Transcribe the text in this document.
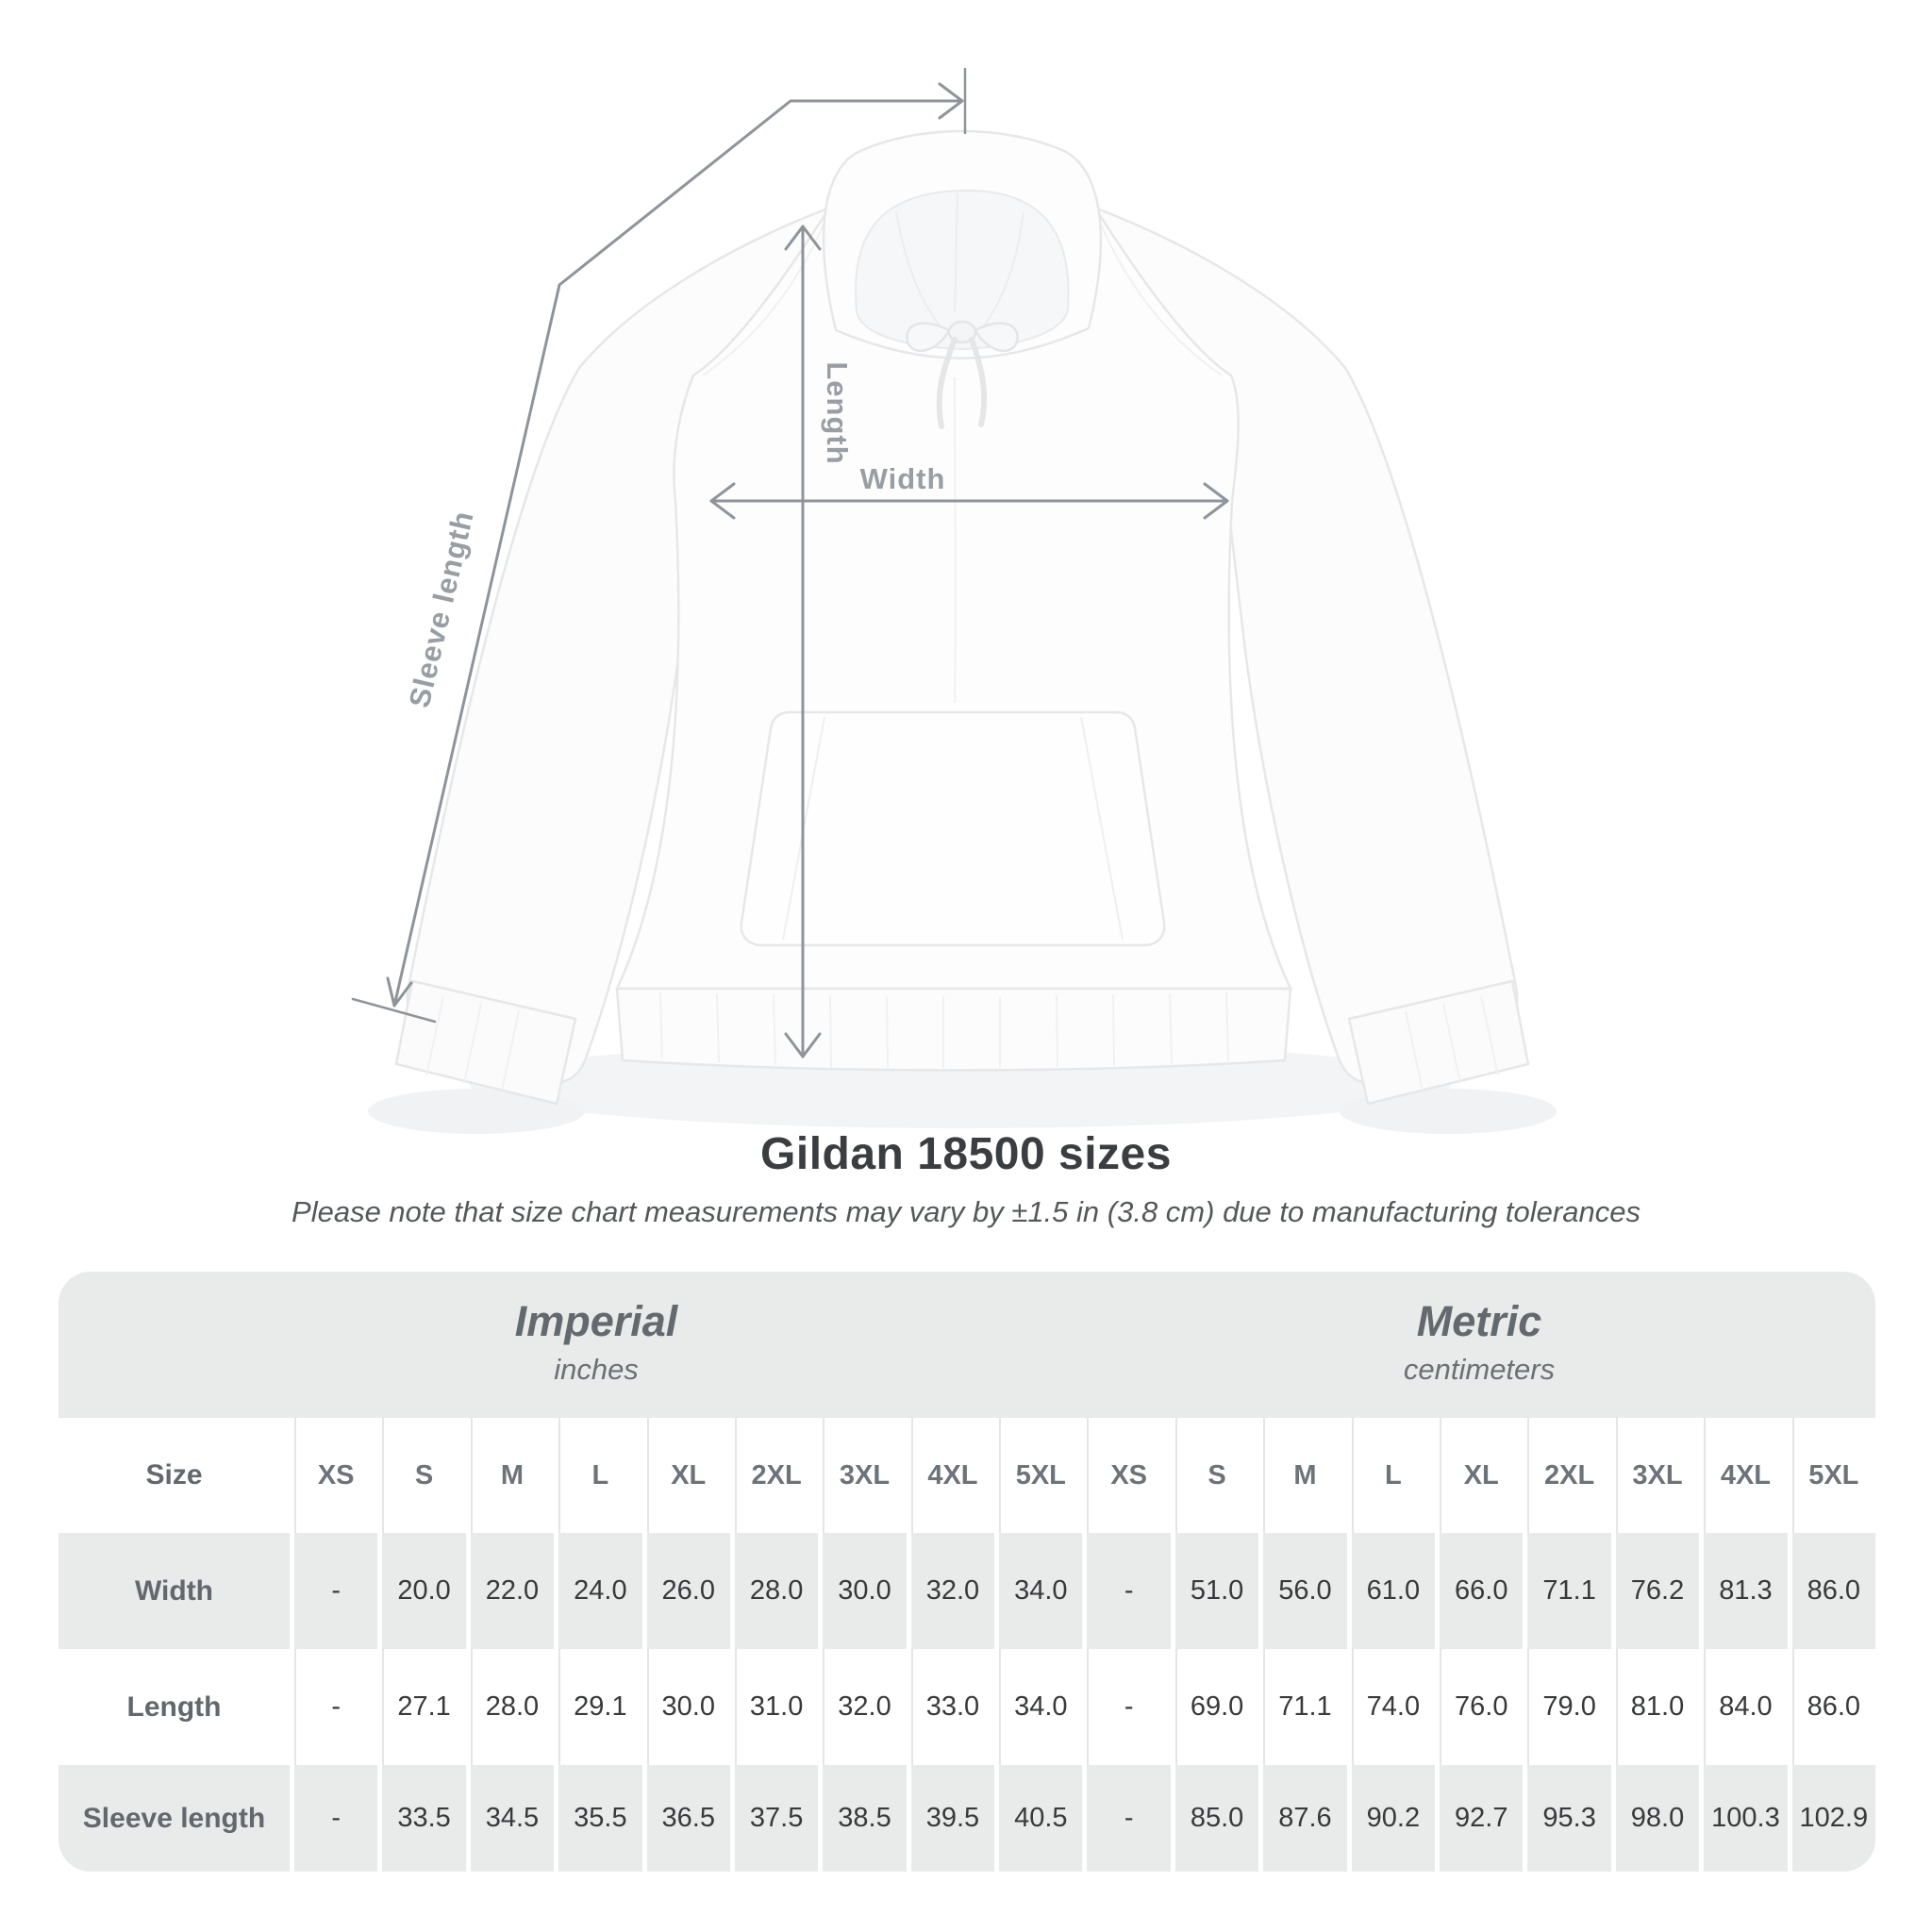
Sleeve length
Length
Width
Gildan 18500 sizes

Please note that size chart measurements may vary by ±1.5 in (3.8 cm) due to manufacturing tolerances

Imperial
inches
Metric
centimeters
Size	XS	S	M	L	XL	2XL	3XL	4XL	5XL	XS	S	M	L	XL	2XL	3XL	4XL	5XL
Width	-	20.0	22.0	24.0	26.0	28.0	30.0	32.0	34.0	-	51.0	56.0	61.0	66.0	71.1	76.2	81.3	86.0
Length	-	27.1	28.0	29.1	30.0	31.0	32.0	33.0	34.0	-	69.0	71.1	74.0	76.0	79.0	81.0	84.0	86.0
Sleeve length	-	33.5	34.5	35.5	36.5	37.5	38.5	39.5	40.5	-	85.0	87.6	90.2	92.7	95.3	98.0 100.3 102.9
